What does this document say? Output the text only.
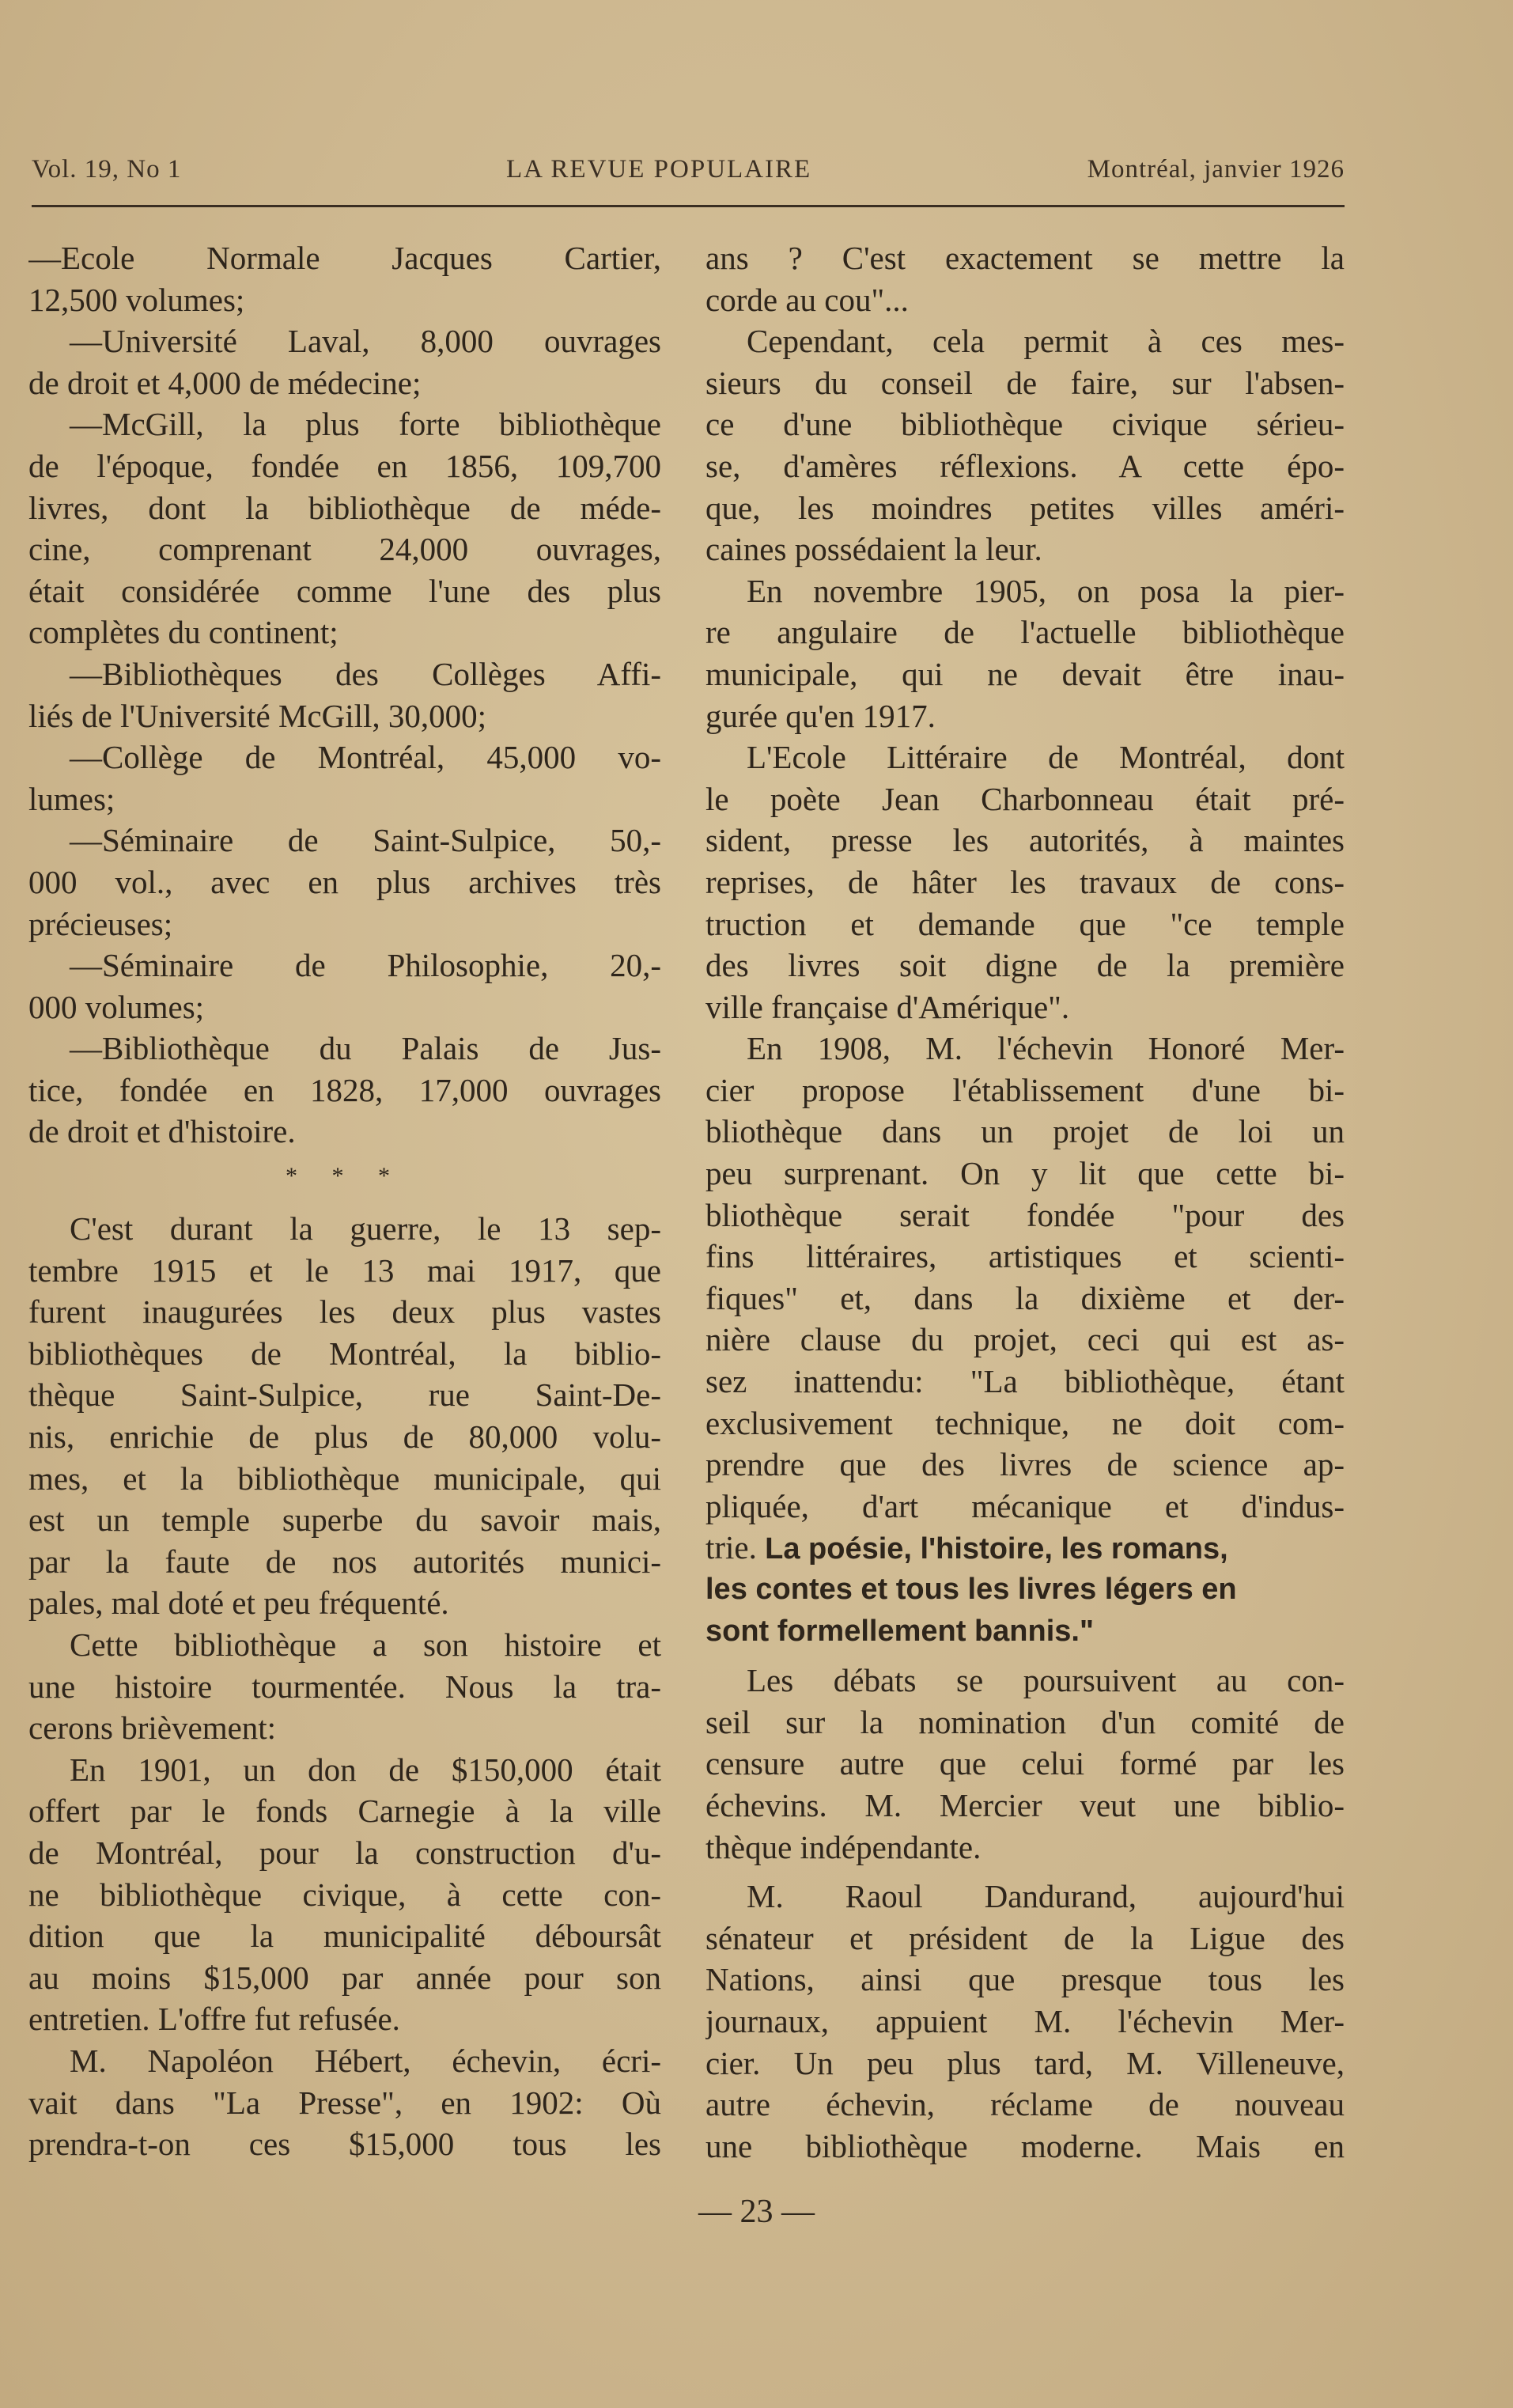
Vol. 19, No 1	LA REVUE POPULAIRE	Montréal, janvier 1926
—Ecole Normale Jacques Cartier,
12,500 volumes;
—Université Laval, 8,000 ouvrages
de droit et 4,000 de médecine;
—McGill, la plus forte bibliothèque
de l'époque, fondée en 1856, 109,700
livres, dont la bibliothèque de méde-
cine, comprenant 24,000 ouvrages,
était considérée comme l'une des plus
complètes du continent;
—Bibliothèques des Collèges Affi-
liés de l'Université McGill, 30,000;
—Collège de Montréal, 45,000 vo-
lumes;
—Séminaire de Saint-Sulpice, 50,-
000 vol., avec en plus archives très
précieuses;
—Séminaire de Philosophie, 20,-
000 volumes;
—Bibliothèque du Palais de Jus-
tice, fondée en 1828, 17,000 ouvrages
de droit et d'histoire.
* * *
C'est durant la guerre, le 13 sep-
tembre 1915 et le 13 mai 1917, que
furent inaugurées les deux plus vastes
bibliothèques de Montréal, la biblio-
thèque Saint-Sulpice, rue Saint-De-
nis, enrichie de plus de 80,000 volu-
mes, et la bibliothèque municipale, qui
est un temple superbe du savoir mais,
par la faute de nos autorités munici-
pales, mal doté et peu fréquenté.
Cette bibliothèque a son histoire et
une histoire tourmentée. Nous la tra-
cerons brièvement:
En 1901, un don de $150,000 était
offert par le fonds Carnegie à la ville
de Montréal, pour la construction d'u-
ne bibliothèque civique, à cette con-
dition que la municipalité déboursât
au moins $15,000 par année pour son
entretien. L'offre fut refusée.
M. Napoléon Hébert, échevin, écri-
vait dans "La Presse", en 1902: Où
prendra-t-on ces $15,000 tous les
ans ? C'est exactement se mettre la
corde au cou"...
Cependant, cela permit à ces mes-
sieurs du conseil de faire, sur l'absen-
ce d'une bibliothèque civique sérieu-
se, d'amères réflexions. A cette épo-
que, les moindres petites villes améri-
caines possédaient la leur.
En novembre 1905, on posa la pier-
re angulaire de l'actuelle bibliothèque
municipale, qui ne devait être inau-
gurée qu'en 1917.
L'Ecole Littéraire de Montréal, dont
le poète Jean Charbonneau était pré-
sident, presse les autorités, à maintes
reprises, de hâter les travaux de cons-
truction et demande que "ce temple
des livres soit digne de la première
ville française d'Amérique".
En 1908, M. l'échevin Honoré Mer-
cier propose l'établissement d'une bi-
bliothèque dans un projet de loi un
peu surprenant. On y lit que cette bi-
bliothèque serait fondée "pour des
fins littéraires, artistiques et scienti-
fiques" et, dans la dixième et der-
nière clause du projet, ceci qui est as-
sez inattendu: "La bibliothèque, étant
exclusivement technique, ne doit com-
prendre que des livres de science ap-
pliquée, d'art mécanique et d'indus-
trie. La poésie, l'histoire, les romans,
les contes et tous les livres légers en
sont formellement bannis."
Les débats se poursuivent au con-
seil sur la nomination d'un comité de
censure autre que celui formé par les
échevins. M. Mercier veut une biblio-
thèque indépendante.
M. Raoul Dandurand, aujourd'hui
sénateur et président de la Ligue des
Nations, ainsi que presque tous les
journaux, appuient M. l'échevin Mer-
cier. Un peu plus tard, M. Villeneuve,
autre échevin, réclame de nouveau
une bibliothèque moderne. Mais en
— 23 —
